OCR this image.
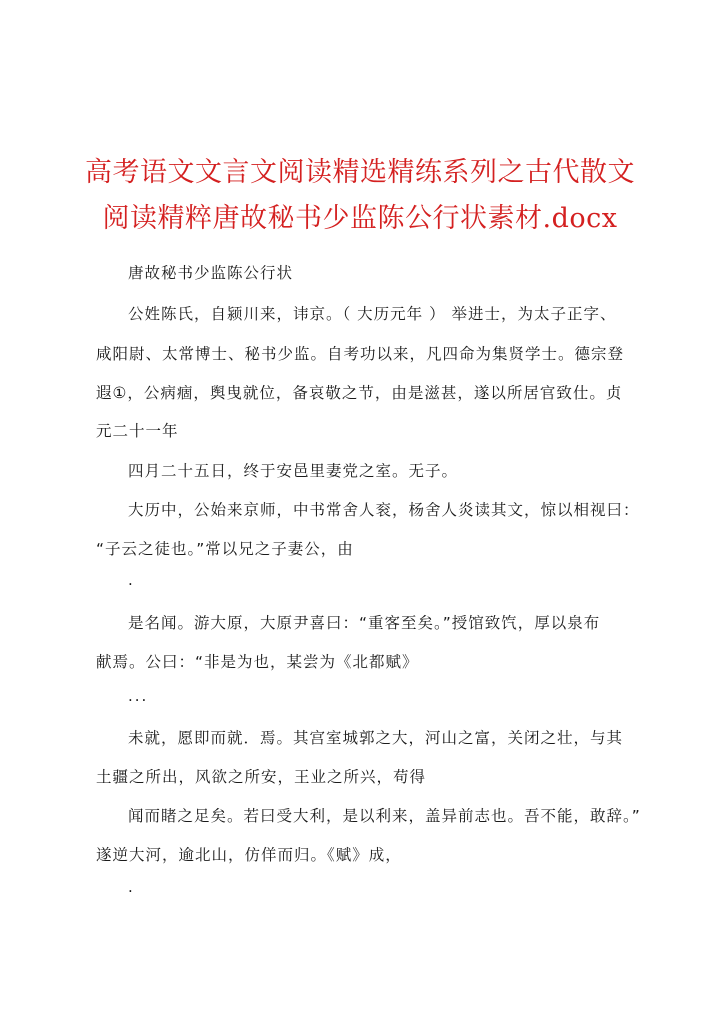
高考语文文言文阅读精选精练系列之古代散文
阅读精粹唐故秘书少监陈公行状素材.docx
唐故秘书少监陈公行状
公姓陈氏，自颍川来，讳京。（ 大历元年 ） 举进士，为太子正字、
咸阳尉、太常博士、秘书少监。自考功以来，凡四命为集贤学士。德宗登
遐①，公病痼，舆曳就位，备哀敬之节，由是滋甚，遂以所居官致仕。贞
元二十一年
四月二十五日，终于安邑里妻党之室。无子。
大历中，公始来京师，中书常舍人衮，杨舍人炎读其文，惊以相视曰：
“子云之徒也。”常以兄之子妻公，由
.
是名闻。游大原，大原尹喜曰：“重客至矣。”授馆致饩，厚以泉布
献焉。公曰：“非是为也，某尝为《北都赋》
...
未就，愿即而就．焉。其宫室城郭之大，河山之富，关闭之壮，与其
土疆之所出，风欲之所安，王业之所兴，苟得
闻而睹之足矣。若曰受大利，是以利来，盖异前志也。吾不能，敢辞。”
遂逆大河，逾北山，仿佯而归。《赋》成，
.
